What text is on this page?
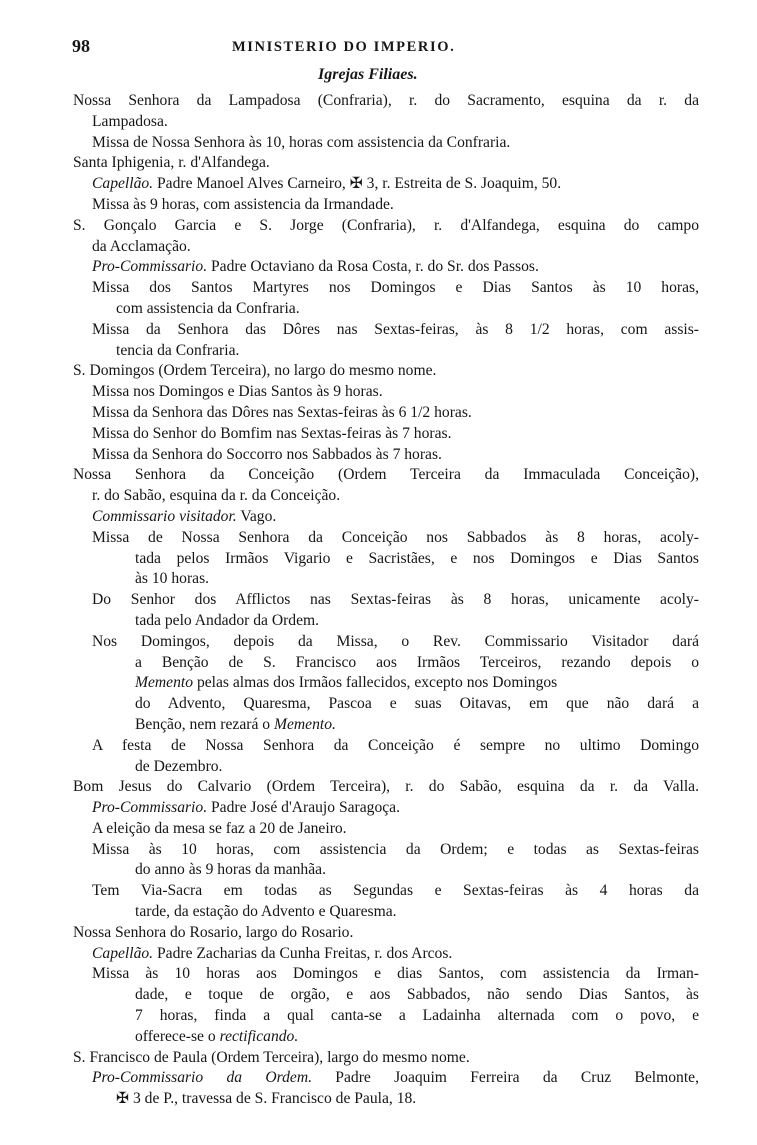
98	MINISTERIO DO IMPERIO.
Igrejas Filiaes.
Nossa Senhora da Lampadosa (Confraria), r. do Sacramento, esquina da r. da
Lampadosa.
Missa de Nossa Senhora às 10, horas com assistencia da Confraria.
Santa Iphigenia, r. d'Alfandega.
Capellão. Padre Manoel Alves Carneiro, ✠ 3, r. Estreita de S. Joaquim, 50.
Missa às 9 horas, com assistencia da Irmandade.
S. Gonçalo Garcia e S. Jorge (Confraria), r. d'Alfandega, esquina do campo
da Acclamação.
Pro-Commissario. Padre Octaviano da Rosa Costa, r. do Sr. dos Passos.
Missa dos Santos Martyres nos Domingos e Dias Santos às 10 horas,
com assistencia da Confraria.
Missa da Senhora das Dôres nas Sextas-feiras, às 8 1/2 horas, com assis-
tencia da Confraria.
S. Domingos (Ordem Terceira), no largo do mesmo nome.
Missa nos Domingos e Dias Santos às 9 horas.
Missa da Senhora das Dôres nas Sextas-feiras às 6 1/2 horas.
Missa do Senhor do Bomfim nas Sextas-feiras às 7 horas.
Missa da Senhora do Soccorro nos Sabbados às 7 horas.
Nossa Senhora da Conceição (Ordem Terceira da Immaculada Conceição),
r. do Sabão, esquina da r. da Conceição.
Commissario visitador. Vago.
Missa de Nossa Senhora da Conceição nos Sabbados às 8 horas, acoly-
tada pelos Irmãos Vigario e Sacristães, e nos Domingos e Dias Santos
às 10 horas.
Do Senhor dos Afflictos nas Sextas-feiras às 8 horas, unicamente acoly-
tada pelo Andador da Ordem.
Nos Domingos, depois da Missa, o Rev. Commissario Visitador dará
a Benção de S. Francisco aos Irmãos Terceiros, rezando depois o
Memento pelas almas dos Irmãos fallecidos, excepto nos Domingos
do Advento, Quaresma, Pascoa e suas Oitavas, em que não dará a
Benção, nem rezará o Memento.
A festa de Nossa Senhora da Conceição é sempre no ultimo Domingo
de Dezembro.
Bom Jesus do Calvario (Ordem Terceira), r. do Sabão, esquina da r. da Valla.
Pro-Commissario. Padre José d'Araujo Saragoça.
A eleição da mesa se faz a 20 de Janeiro.
Missa às 10 horas, com assistencia da Ordem; e todas as Sextas-feiras
do anno às 9 horas da manhãa.
Tem Via-Sacra em todas as Segundas e Sextas-feiras às 4 horas da
tarde, da estação do Advento e Quaresma.
Nossa Senhora do Rosario, largo do Rosario.
Capellão. Padre Zacharias da Cunha Freitas, r. dos Arcos.
Missa às 10 horas aos Domingos e dias Santos, com assistencia da Irman-
dade, e toque de orgão, e aos Sabbados, não sendo Dias Santos, às
7 horas, finda a qual canta-se a Ladainha alternada com o povo, e
offerece-se o rectificando.
S. Francisco de Paula (Ordem Terceira), largo do mesmo nome.
Pro-Commissario da Ordem. Padre Joaquim Ferreira da Cruz Belmonte,
✠ 3 de P., travessa de S. Francisco de Paula, 18.
